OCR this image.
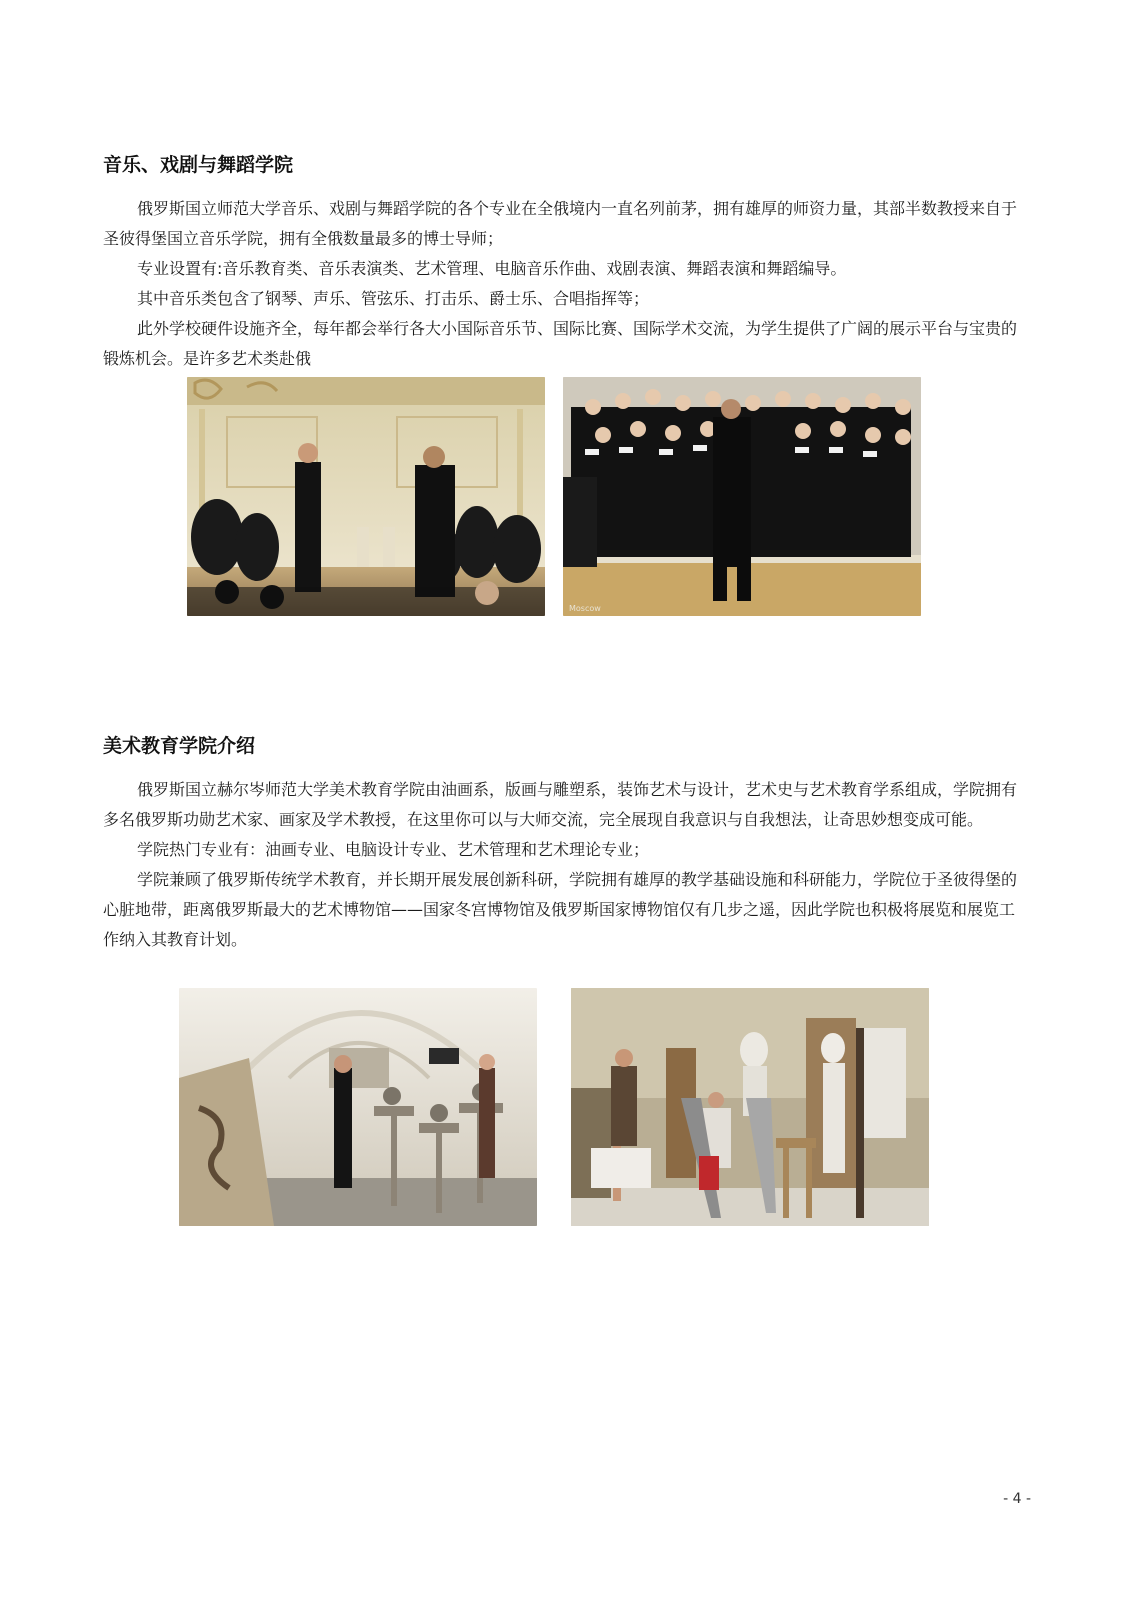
音乐、戏剧与舞蹈学院
俄罗斯国立师范大学音乐、戏剧与舞蹈学院的各个专业在全俄境内一直名列前茅，拥有雄厚的师资力量，其部半数教授来自于圣彼得堡国立音乐学院，拥有全俄数量最多的博士导师；
专业设置有:音乐教育类、音乐表演类、艺术管理、电脑音乐作曲、戏剧表演、舞蹈表演和舞蹈编导。
其中音乐类包含了钢琴、声乐、管弦乐、打击乐、爵士乐、合唱指挥等；
此外学校硬件设施齐全，每年都会举行各大小国际音乐节、国际比赛、国际学术交流，为学生提供了广阔的展示平台与宝贵的锻炼机会。是许多艺术类赴俄
Moscow
美术教育学院介绍
俄罗斯国立赫尔岑师范大学美术教育学院由油画系，版画与雕塑系，装饰艺术与设计，艺术史与艺术教育学系组成，学院拥有多名俄罗斯功勋艺术家、画家及学术教授，在这里你可以与大师交流，完全展现自我意识与自我想法，让奇思妙想变成可能。
学院热门专业有：油画专业、电脑设计专业、艺术管理和艺术理论专业；
学院兼顾了俄罗斯传统学术教育，并长期开展发展创新科研，学院拥有雄厚的教学基础设施和科研能力，学院位于圣彼得堡的心脏地带，距离俄罗斯最大的艺术博物馆——国家冬宫博物馆及俄罗斯国家博物馆仅有几步之遥，因此学院也积极将展览和展览工作纳入其教育计划。
- 4 -
